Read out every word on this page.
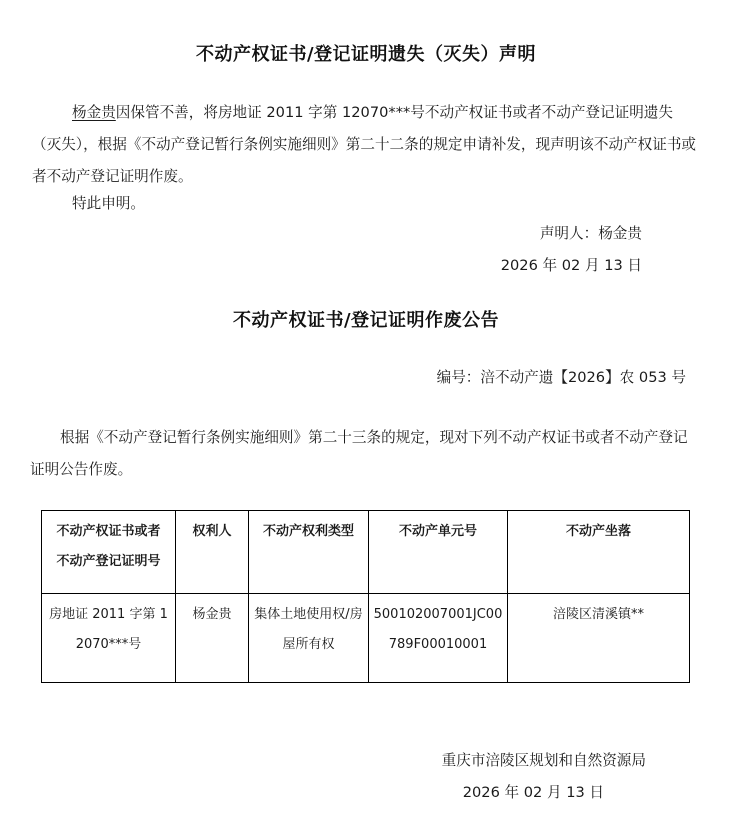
不动产权证书/登记证明遗失（灭失）声明
杨金贵因保管不善，将房地证 2011 字第 12070***号不动产权证书或者不动产登记证明遗失（灭失），根据《不动产登记暂行条例实施细则》第二十二条的规定申请补发，现声明该不动产权证书或者不动产登记证明作废。
特此申明。
声明人：杨金贵
2026 年 02 月 13 日
不动产权证书/登记证明作废公告
编号：涪不动产遗【2026】农 053 号
根据《不动产登记暂行条例实施细则》第二十三条的规定，现对下列不动产权证书或者不动产登记证明公告作废。
不动产权证书或者
不动产登记证明号	权利人	不动产权利类型	不动产单元号	不动产坐落
房地证 2011 字第 12070***号	杨金贵	集体土地使用权/房屋所有权	500102007001JC00789F00010001	涪陵区清溪镇**
重庆市涪陵区规划和自然资源局
2026 年 02 月 13 日
